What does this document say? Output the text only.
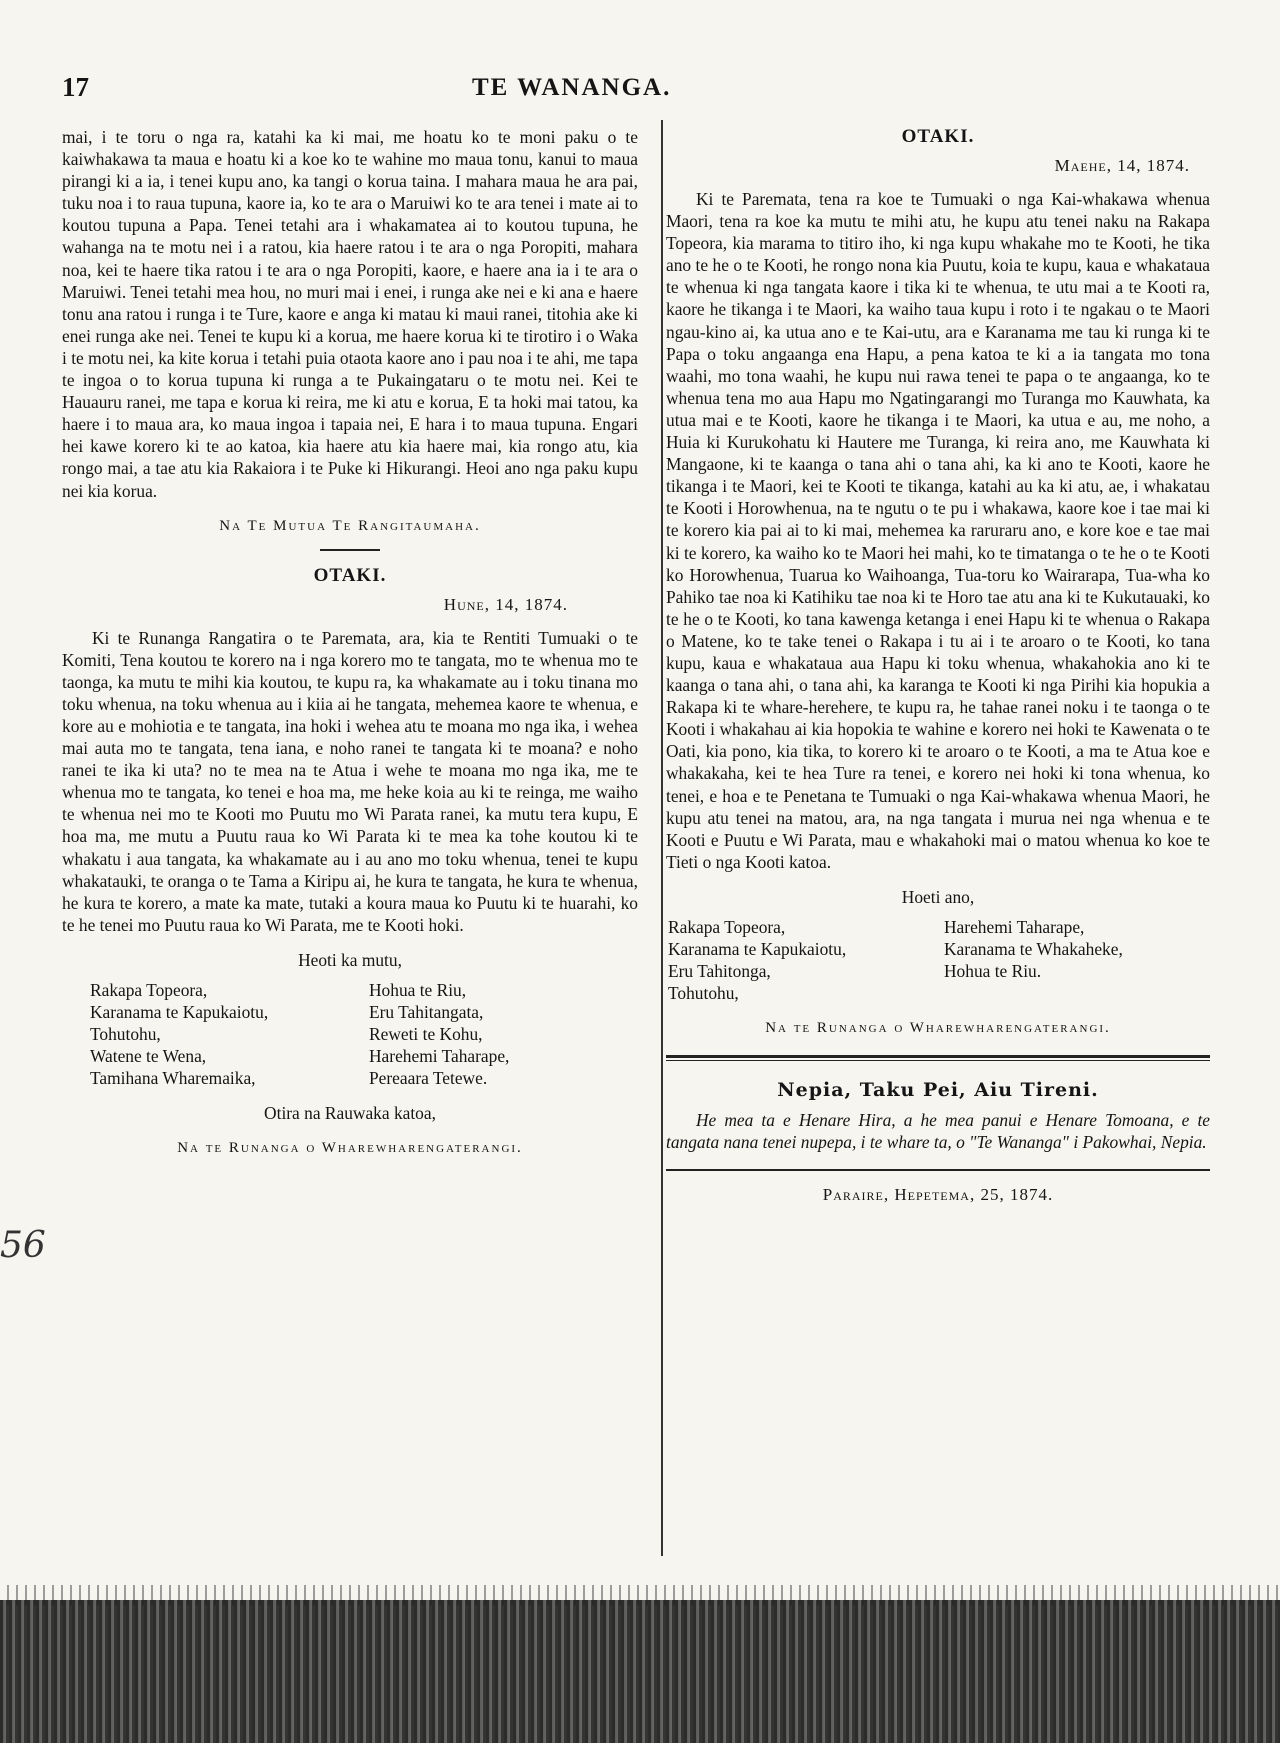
17	TE WANANGA.

mai, i te toru o nga ra, katahi ka ki mai, me hoatu ko te moni paku o te kaiwhakawa ta maua e hoatu ki a koe ko te wahine mo maua tonu, kanui to maua pirangi ki a ia, i tenei kupu ano, ka tangi o korua taina. I mahara maua he ara pai, tuku noa i to raua tupuna, kaore ia, ko te ara o Maruiwi ko te ara tenei i mate ai to koutou tupuna a Papa. Tenei tetahi ara i whakamatea ai to koutou tupuna, he wahanga na te motu nei i a ratou, kia haere ratou i te ara o nga Poropiti, mahara noa, kei te haere tika ratou i te ara o nga Poropiti, kaore, e haere ana ia i te ara o Maruiwi. Tenei tetahi mea hou, no muri mai i enei, i runga ake nei e ki ana e haere tonu ana ratou i runga i te Ture, kaore e anga ki matau ki maui ranei, titohia ake ki enei runga ake nei. Tenei te kupu ki a korua, me haere korua ki te tirotiro i o Waka i te motu nei, ka kite korua i tetahi puia otaota kaore ano i pau noa i te ahi, me tapa te ingoa o to korua tupuna ki runga a te Pukaingataru o te motu nei. Kei te Hauauru ranei, me tapa e korua ki reira, me ki atu e korua, E ta hoki mai tatou, ka haere i to maua ara, ko maua ingoa i tapaia nei, E hara i to maua tupuna. Engari hei kawe korero ki te ao katoa, kia haere atu kia haere mai, kia rongo atu, kia rongo mai, a tae atu kia Rakaiora i te Puke ki Hikurangi. Heoi ano nga paku kupu nei kia korua.

Na Te Mutua Te Rangitaumaha.

OTAKI.

Hune, 14, 1874.

Ki te Runanga Rangatira o te Paremata, ara, kia te Rentiti Tumuaki o te Komiti, Tena koutou te korero na i nga korero mo te tangata, mo te whenua mo te taonga, ka mutu te mihi kia koutou, te kupu ra, ka whakamate au i toku tinana mo toku whenua, na toku whenua au i kiia ai he tangata, mehemea kaore te whenua, e kore au e mohiotia e te tangata, ina hoki i wehea atu te moana mo nga ika, i wehea mai auta mo te tangata, tena iana, e noho ranei te tangata ki te moana? e noho ranei te ika ki uta? no te mea na te Atua i wehe te moana mo nga ika, me te whenua mo te tangata, ko tenei e hoa ma, me heke koia au ki te reinga, me waiho te whenua nei mo te Kooti mo Puutu mo Wi Parata ranei, ka mutu tera kupu, E hoa ma, me mutu a Puutu raua ko Wi Parata ki te mea ka tohe koutou ki te whakatu i aua tangata, ka whakamate au i au ano mo toku whenua, tenei te kupu whakatauki, te oranga o te Tama a Kiripu ai, he kura te tangata, he kura te whenua, he kura te korero, a mate ka mate, tutaki a koura maua ko Puutu ki te huarahi, ko te he tenei mo Puutu raua ko Wi Parata, me te Kooti hoki.

Heoti ka mutu,

Rakapa Topeora,	Hohua te Riu,
Karanama te Kapukaiotu,	Eru Tahitangata,
Tohutohu,	Reweti te Kohu,
Watene te Wena,	Harehemi Taharape,
Tamihana Wharemaika,	Pereaara Tetewe.

Otira na Rauwaka katoa,

Na te Runanga o Wharewharengaterangi.

OTAKI.

Maehe, 14, 1874.

Ki te Paremata, tena ra koe te Tumuaki o nga Kai-whakawa whenua Maori, tena ra koe ka mutu te mihi atu, he kupu atu tenei naku na Rakapa Topeora, kia marama to titiro iho, ki nga kupu whakahe mo te Kooti, he tika ano te he o te Kooti, he rongo nona kia Puutu, koia te kupu, kaua e whakataua te whenua ki nga tangata kaore i tika ki te whenua, te utu mai a te Kooti ra, kaore he tikanga i te Maori, ka waiho taua kupu i roto i te ngakau o te Maori ngau-kino ai, ka utua ano e te Kai-utu, ara e Karanama me tau ki runga ki te Papa o toku angaanga ena Hapu, a pena katoa te ki a ia tangata mo tona waahi, mo tona waahi, he kupu nui rawa tenei te papa o te angaanga, ko te whenua tena mo aua Hapu mo Ngatingarangi mo Turanga mo Kauwhata, ka utua mai e te Kooti, kaore he tikanga i te Maori, ka utua e au, me noho, a Huia ki Kurukohatu ki Hautere me Turanga, ki reira ano, me Kauwhata ki Mangaone, ki te kaanga o tana ahi o tana ahi, ka ki ano te Kooti, kaore he tikanga i te Maori, kei te Kooti te tikanga, katahi au ka ki atu, ae, i whakatau te Kooti i Horowhenua, na te ngutu o te pu i whakawa, kaore koe i tae mai ki te korero kia pai ai to ki mai, mehemea ka raruraru ano, e kore koe e tae mai ki te korero, ka waiho ko te Maori hei mahi, ko te timatanga o te he o te Kooti ko Horowhenua, Tuarua ko Waihoanga, Tua-toru ko Wairarapa, Tua-wha ko Pahiko tae noa ki Katihiku tae noa ki te Horo tae atu ana ki te Kukutauaki, ko te he o te Kooti, ko tana kawenga ketanga i enei Hapu ki te whenua o Rakapa o Matene, ko te take tenei o Rakapa i tu ai i te aroaro o te Kooti, ko tana kupu, kaua e whakataua aua Hapu ki toku whenua, whakahokia ano ki te kaanga o tana ahi, o tana ahi, ka karanga te Kooti ki nga Pirihi kia hopukia a Rakapa ki te whare-herehere, te kupu ra, he tahae ranei noku i te taonga o te Kooti i whakahau ai kia hopokia te wahine e korero nei hoki te Kawenata o te Oati, kia pono, kia tika, to korero ki te aroaro o te Kooti, a ma te Atua koe e whakakaha, kei te hea Ture ra tenei, e korero nei hoki ki tona whenua, ko tenei, e hoa e te Penetana te Tumuaki o nga Kai-whakawa whenua Maori, he kupu atu tenei na matou, ara, na nga tangata i murua nei nga whenua e te Kooti e Puutu e Wi Parata, mau e whakahoki mai o matou whenua ko koe te Tieti o nga Kooti katoa.

Hoeti ano,

Rakapa Topeora,	Harehemi Taharape,
Karanama te Kapukaiotu,	Karanama te Whakaheke,
Eru Tahitonga,	Hohua te Riu.
Tohutohu,

Na te Runanga o Wharewharengaterangi.

Nepia, Taku Pei, Aiu Tireni.

He mea ta e Henare Hira, a he mea panui e Henare Tomoana, e te tangata nana tenei nupepa, i te whare ta, o "Te Wananga" i Pakowhai, Nepia.

Paraire, Hepetema, 25, 1874.

56
